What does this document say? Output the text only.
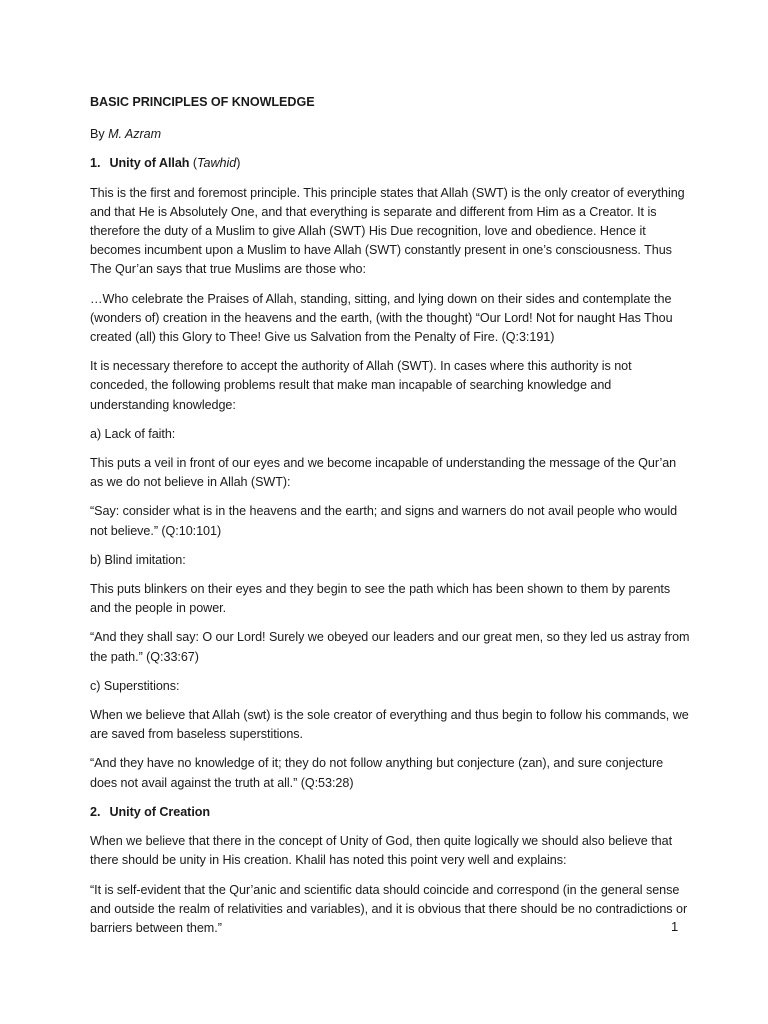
BASIC PRINCIPLES OF KNOWLEDGE

By M. Azram

1. Unity of Allah (Tawhid)

This is the first and foremost principle. This principle states that Allah (SWT) is the only creator of everything and that He is Absolutely One, and that everything is separate and different from Him as a Creator. It is therefore the duty of a Muslim to give Allah (SWT) His Due recognition, love and obedience. Hence it becomes incumbent upon a Muslim to have Allah (SWT) constantly present in one’s consciousness. Thus The Qur’an says that true Muslims are those who:

…Who celebrate the Praises of Allah, standing, sitting, and lying down on their sides and contemplate the (wonders of) creation in the heavens and the earth, (with the thought) “Our Lord! Not for naught Has Thou created (all) this Glory to Thee! Give us Salvation from the Penalty of Fire. (Q:3:191)

It is necessary therefore to accept the authority of Allah (SWT). In cases where this authority is not conceded, the following problems result that make man incapable of searching knowledge and understanding knowledge:

a) Lack of faith:

This puts a veil in front of our eyes and we become incapable of understanding the message of the Qur’an as we do not believe in Allah (SWT):

“Say: consider what is in the heavens and the earth; and signs and warners do not avail people who would not believe.” (Q:10:101)

b) Blind imitation:

This puts blinkers on their eyes and they begin to see the path which has been shown to them by parents and the people in power.

“And they shall say: O our Lord! Surely we obeyed our leaders and our great men, so they led us astray from the path.” (Q:33:67)

c) Superstitions:

When we believe that Allah (swt) is the sole creator of everything and thus begin to follow his commands, we are saved from baseless superstitions.

“And they have no knowledge of it; they do not follow anything but conjecture (zan), and sure conjecture does not avail against the truth at all.” (Q:53:28)

2. Unity of Creation

When we believe that there in the concept of Unity of God, then quite logically we should also believe that there should be unity in His creation. Khalil has noted this point very well and explains:

“It is self-evident that the Qur’anic and scientific data should coincide and correspond (in the general sense and outside the realm of relativities and variables), and it is obvious that there should be no contradictions or barriers between them.”	1
